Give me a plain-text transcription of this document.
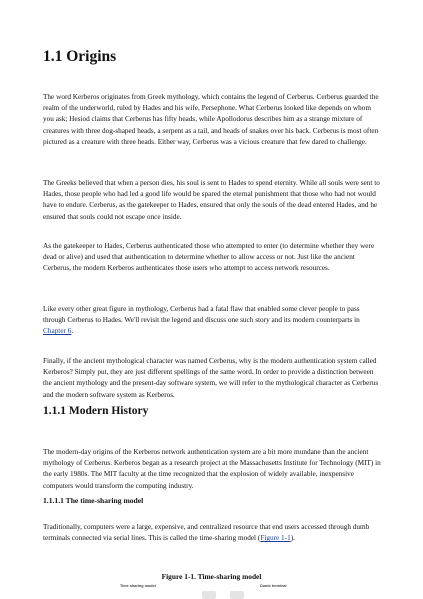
1.1 Origins

The word Kerberos originates from Greek mythology, which contains the legend of Cerberus. Cerberus guarded the realm of the underworld, ruled by Hades and his wife, Persephone. What Cerberus looked like depends on whom you ask; Hesiod claims that Cerberus has fifty heads, while Apollodorus describes him as a strange mixture of creatures with three dog-shaped heads, a serpent as a tail, and heads of snakes over his back. Cerberus is most often pictured as a creature with three heads. Either way, Cerberus was a vicious creature that few dared to challenge.

The Greeks believed that when a person dies, his soul is sent to Hades to spend eternity. While all souls were sent to Hades, those people who had led a good life would be spared the eternal punishment that those who had not would have to endure. Cerberus, as the gatekeeper to Hades, ensured that only the souls of the dead entered Hades, and he ensured that souls could not escape once inside.

As the gatekeeper to Hades, Cerberus authenticated those who attempted to enter (to determine whether they were dead or alive) and used that authentication to determine whether to allow access or not. Just like the ancient Cerberus, the modern Kerberos authenticates those users who attempt to access network resources.

Like every other great figure in mythology, Cerberus had a fatal flaw that enabled some clever people to pass through Cerberus to Hades. We'll revisit the legend and discuss one such story and its modern counterparts in Chapter 6.

Finally, if the ancient mythological character was named Cerberus, why is the modern authentication system called Kerberos? Simply put, they are just different spellings of the same word. In order to provide a distinction between the ancient mythology and the present-day software system, we will refer to the mythological character as Cerberus and the modern software system as Kerberos.

1.1.1 Modern History

The modern-day origins of the Kerberos network authentication system are a bit more mundane than the ancient mythology of Cerberus. Kerberos began as a research project at the Massachusetts Institute for Technology (MIT) in the early 1980s. The MIT faculty at the time recognized that the explosion of widely available, inexpensive computers would transform the computing industry.

1.1.1.1 The time-sharing model

Traditionally, computers were a large, expensive, and centralized resource that end users accessed through dumb terminals connected via serial lines. This is called the time-sharing model (Figure 1-1).

Figure 1-1. Time-sharing model
Time sharing model	Dumb terminal
